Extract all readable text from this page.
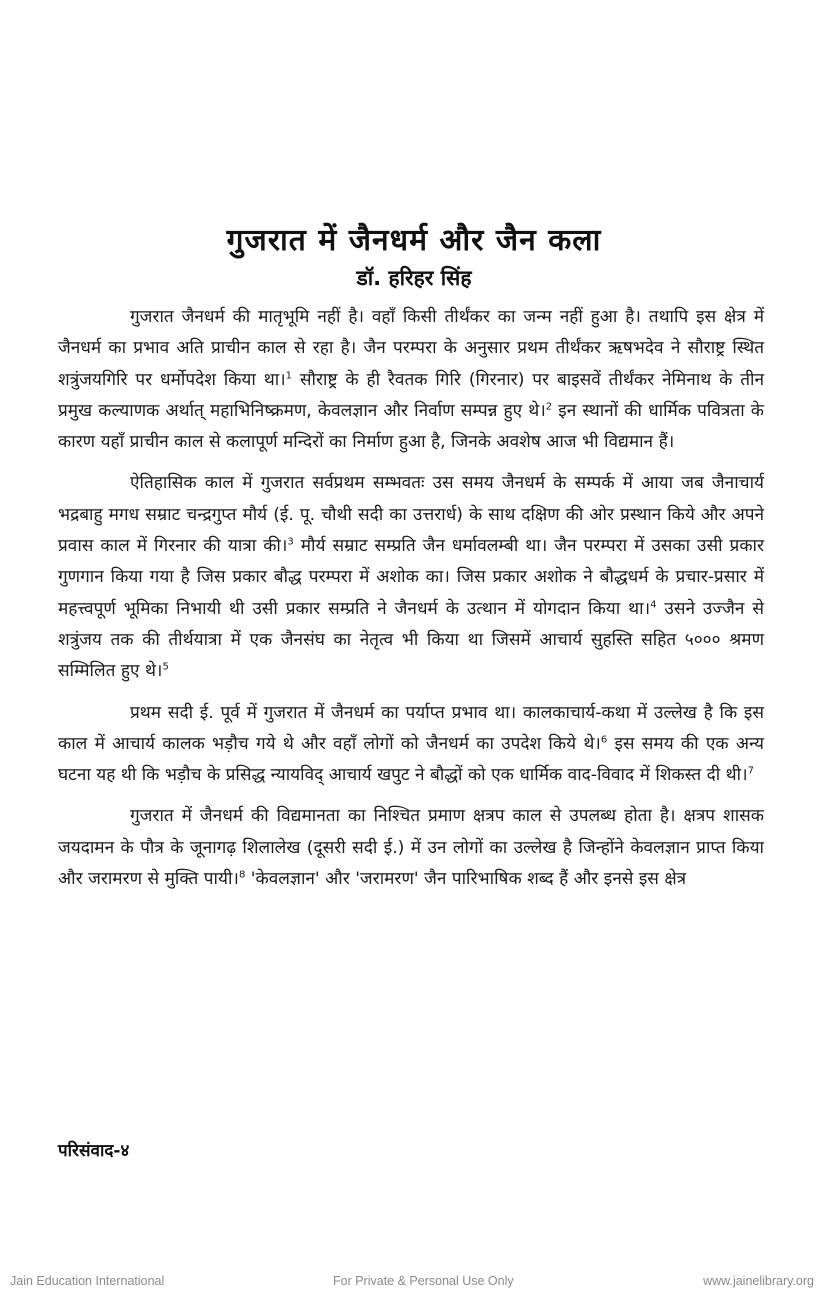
गुजरात में जैनधर्म और जैन कला
डॉ. हरिहर सिंह

गुजरात जैनधर्म की मातृभूमि नहीं है। वहाँ किसी तीर्थंकर का जन्म नहीं हुआ है। तथापि इस क्षेत्र में जैनधर्म का प्रभाव अति प्राचीन काल से रहा है। जैन परम्परा के अनुसार प्रथम तीर्थंकर ऋषभदेव ने सौराष्ट्र स्थित शत्रुंजयगिरि पर धर्मोपदेश किया था।$^1$ सौराष्ट्र के ही रैवतक गिरि (गिरनार) पर बाइसवें तीर्थंकर नेमिनाथ के तीन प्रमुख कल्याणक अर्थात् महाभिनिष्क्रमण, केवलज्ञान और निर्वाण सम्पन्न हुए थे।$^2$ इन स्थानों की धार्मिक पवित्रता के कारण यहाँ प्राचीन काल से कलापूर्ण मन्दिरों का निर्माण हुआ है, जिनके अवशेष आज भी विद्यमान हैं।

ऐतिहासिक काल में गुजरात सर्वप्रथम सम्भवतः उस समय जैनधर्म के सम्पर्क में आया जब जैनाचार्य भद्रबाहु मगध सम्राट चन्द्रगुप्त मौर्य (ई. पू. चौथी सदी का उत्तरार्ध) के साथ दक्षिण की ओर प्रस्थान किये और अपने प्रवास काल में गिरनार की यात्रा की।$^3$ मौर्य सम्राट सम्प्रति जैन धर्मावलम्बी था। जैन परम्परा में उसका उसी प्रकार गुणगान किया गया है जिस प्रकार बौद्ध परम्परा में अशोक का। जिस प्रकार अशोक ने बौद्धधर्म के प्रचार-प्रसार में महत्त्वपूर्ण भूमिका निभायी थी उसी प्रकार सम्प्रति ने जैनधर्म के उत्थान में योगदान किया था।$^4$ उसने उज्जैन से शत्रुंजय तक की तीर्थयात्रा में एक जैनसंघ का नेतृत्व भी किया था जिसमें आचार्य सुहस्ति सहित ५००० श्रमण सम्मिलित हुए थे।$^5$

प्रथम सदी ई. पूर्व में गुजरात में जैनधर्म का पर्याप्त प्रभाव था। कालकाचार्य-कथा में उल्लेख है कि इस काल में आचार्य कालक भड़ौच गये थे और वहाँ लोगों को जैनधर्म का उपदेश किये थे।$^6$ इस समय की एक अन्य घटना यह थी कि भड़ौच के प्रसिद्ध न्यायविद् आचार्य खपुट ने बौद्धों को एक धार्मिक वाद-विवाद में शिकस्त दी थी।$^7$

गुजरात में जैनधर्म की विद्यमानता का निश्चित प्रमाण क्षत्रप काल से उपलब्ध होता है। क्षत्रप शासक जयदामन के पौत्र के जूनागढ़ शिलालेख (दूसरी सदी ई.) में उन लोगों का उल्लेख है जिन्होंने केवलज्ञान प्राप्त किया और जरामरण से मुक्ति पायी।$^8$ 'केवलज्ञान' और 'जरामरण' जैन पारिभाषिक शब्द हैं और इनसे इस क्षेत्र

परिसंवाद-४
Jain Education International	For Private & Personal Use Only	www.jainelibrary.org
